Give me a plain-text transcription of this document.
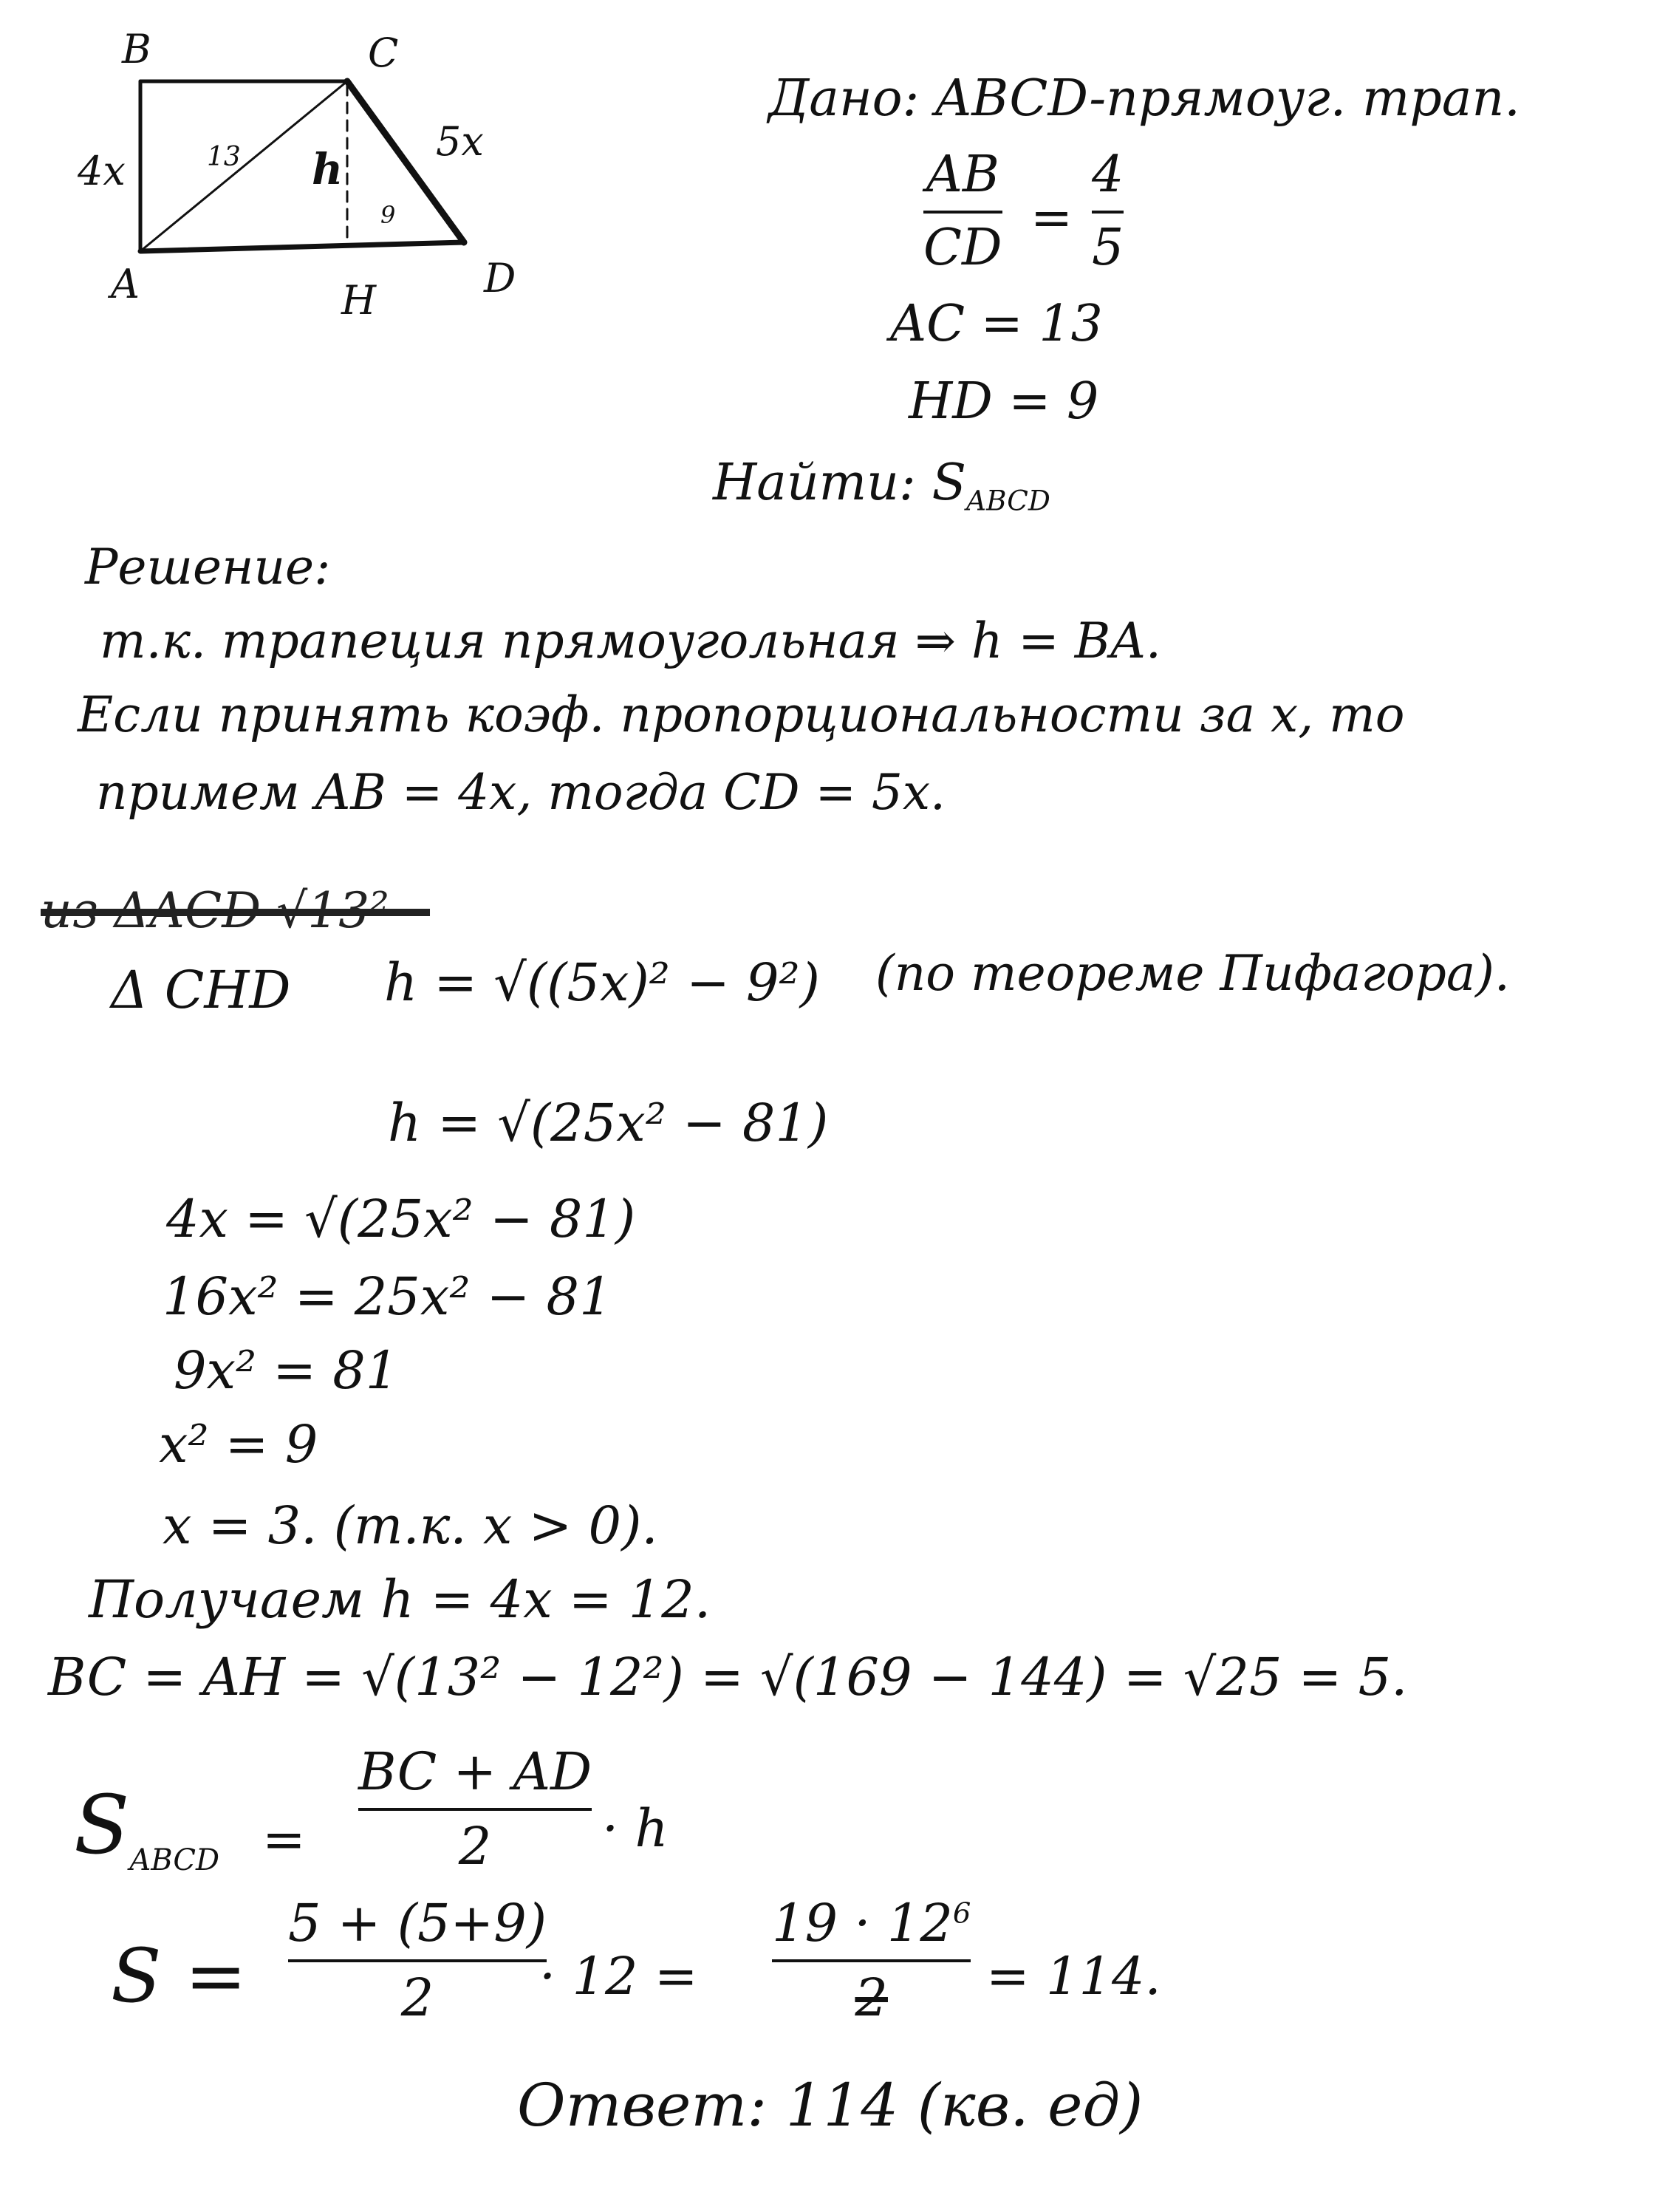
B	C
A	H	D
4x	13 h
5x
9
Дано: ABCD-прямоуг. трап.
AB
CD
=
4
5
AC = 13
HD = 9
Найти: $S_{ABCD}$
Решение:
т.к. трапеция прямоугольная ⇒ h = BA.
Если принять коэф. пропорциональности за x, то
примем AB = 4x, тогда CD = 5x.
из ΔACD √13²−
Δ CHD h = √((5x)² − 9²) (по теореме Пифагора).
h = √(25x² − 81)
4x = √(25x² − 81)
16x² = 25x² − 81
9x² = 81
x² = 9
x = 3. (т.к. x > 0).
Получаем h = 4x = 12.
BC = AH = √(13² − 12²) = √(169 − 144) = √25 = 5.
$S_{ABCD}$ =
BC + AD
2 · h
S =
5 + (5+9)
2 · 12 =
$19 \cdot 12^6$
2 = 114.
Ответ: 114 (кв. ед)
